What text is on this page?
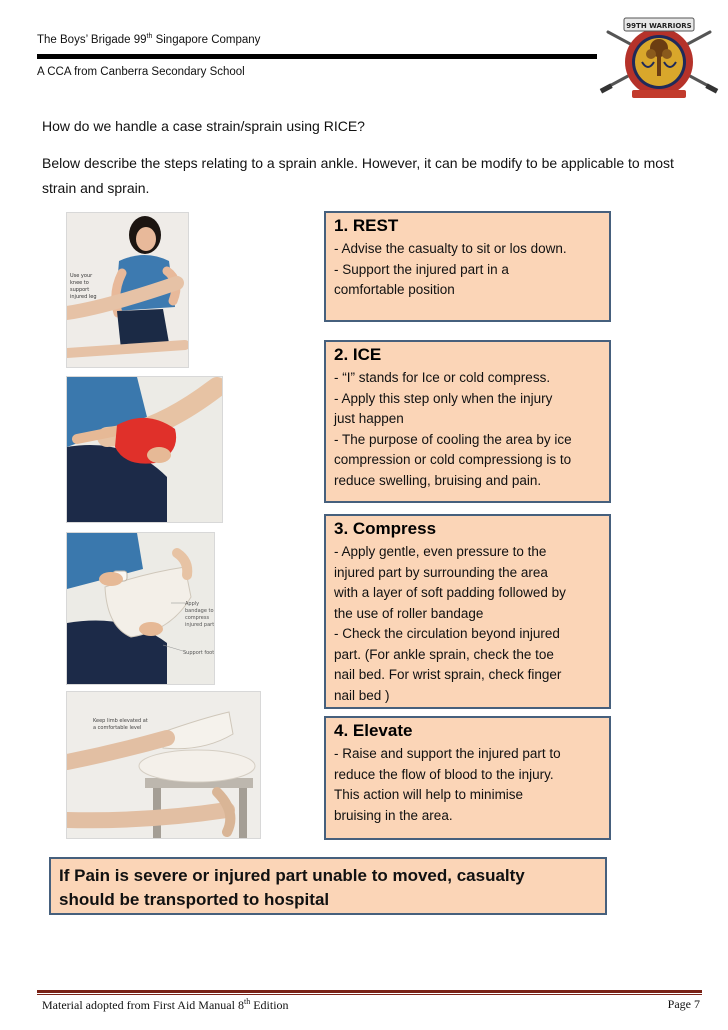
The Boys’ Brigade 99th Singapore Company
A CCA from Canberra Secondary School
99TH WARRIORS
How do we handle a case strain/sprain using RICE?
Below describe the steps relating to a sprain ankle. However, it can be modify to be applicable to most strain and sprain.
Use your knee to support injured leg
Apply bandage to compress injured part Support foot
Keep limb elevated at a comfortable level
1. REST
- Advise the casualty to sit or los down.
- Support the injured part in a
comfortable position
2. ICE
- “I” stands for Ice or cold compress.
- Apply this step only when the injury
just happen
- The purpose of cooling the area by ice
compression or cold compressiong is to
reduce swelling, bruising and pain.
3. Compress
- Apply gentle, even pressure to the
injured part by surrounding the area
with a layer of soft padding followed by
the use of roller bandage
- Check the circulation beyond injured
part. (For ankle sprain, check the toe
nail bed. For wrist sprain, check finger
nail bed )
4. Elevate
- Raise and support the injured part to
reduce the flow of blood to the injury.
This action will help to minimise
bruising in the area.
If Pain is severe or injured part unable to moved, casualty
should be transported to hospital
Material adopted from First Aid Manual 8th Edition	Page 7
